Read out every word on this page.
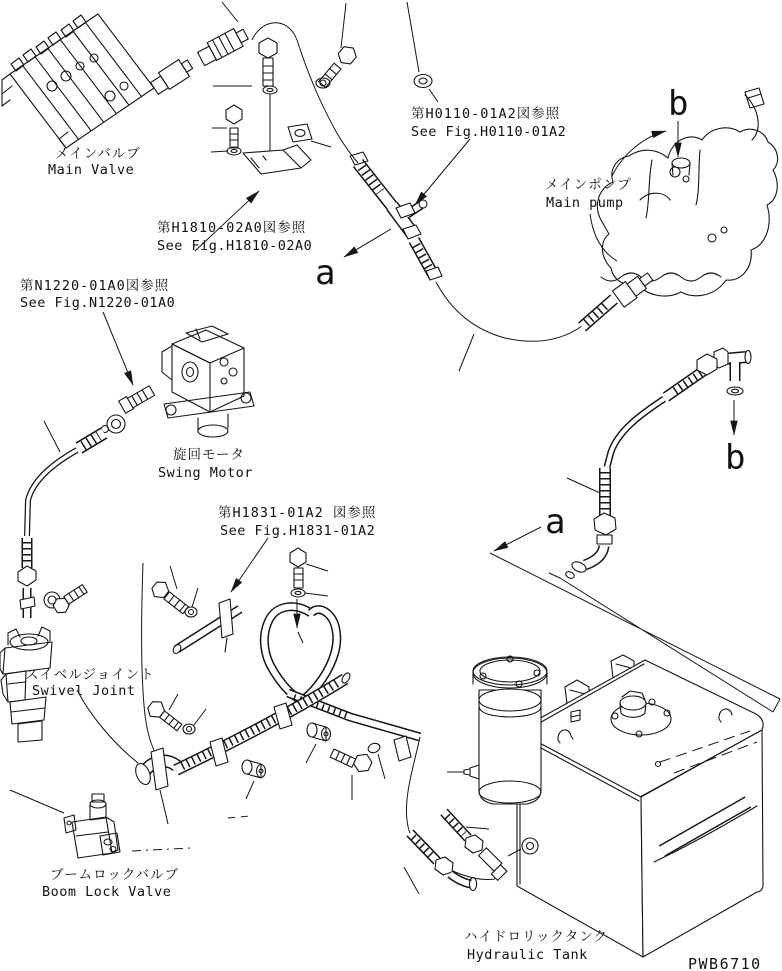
メインバルブ
Main Valve
第H1810-02A0図参照
See Fig.H1810-02A0
第H0110-01A2図参照
See Fig.H0110-01A2
メインポンプ
Main pump
第N1220-01A0図参照
See Fig.N1220-01A0
旋回モータ
Swing Motor
第H1831-01A2 図参照
See Fig.H1831-01A2
スイベルジョイント
Swivel Joint
ブームロックバルブ
Boom Lock Valve
ハイドロリックタンク
Hydraulic Tank
a
b
a
b
PWB6710
